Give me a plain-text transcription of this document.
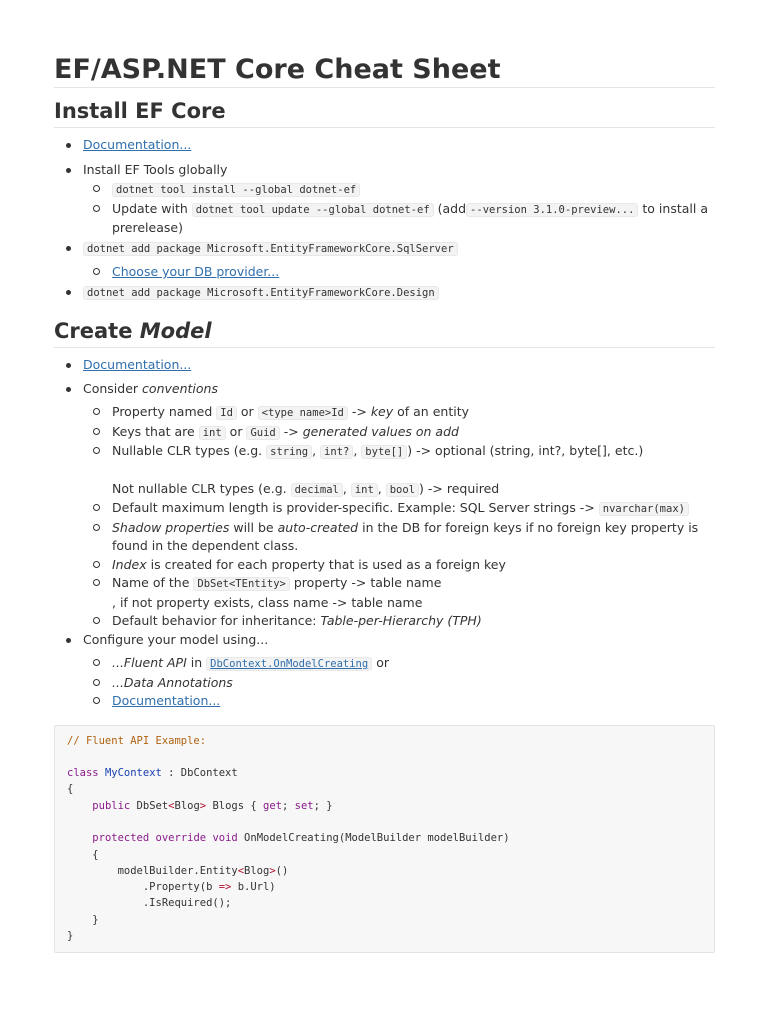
EF/ASP.NET Core Cheat Sheet
Install EF Core
Documentation...
Install EF Tools globally
dotnet tool install --global dotnet-ef
Update with dotnet tool update --global dotnet-ef (add --version 3.1.0-preview... to install a prerelease)
dotnet add package Microsoft.EntityFrameworkCore.SqlServer
Choose your DB provider...
dotnet add package Microsoft.EntityFrameworkCore.Design
Create Model
Documentation...
Consider conventions
Property named Id or <type name>Id -> key of an entity
Keys that are int or Guid -> generated values on add
Nullable CLR types (e.g. string , int? , byte[] ) -> optional (string, int?, byte[], etc.)
Not nullable CLR types (e.g. decimal , int , bool ) -> required
Default maximum length is provider-specific. Example: SQL Server strings -> nvarchar(max)
Shadow properties will be auto-created in the DB for foreign keys if no foreign key property is found in the dependent class.
Index is created for each property that is used as a foreign key
Name of the DbSet<TEntity> property -> table name
, if not property exists, class name -> table name
Default behavior for inheritance: Table-per-Hierarchy (TPH)
Configure your model using...
...Fluent API in DbContext.OnModelCreating or
...Data Annotations
Documentation...
// Fluent API Example:

class MyContext : DbContext
{
public DbSet<Blog> Blogs { get; set; }

protected override void OnModelCreating(ModelBuilder modelBuilder)
{
modelBuilder.Entity<Blog>()
.Property(b => b.Url)
.IsRequired();
}
}
